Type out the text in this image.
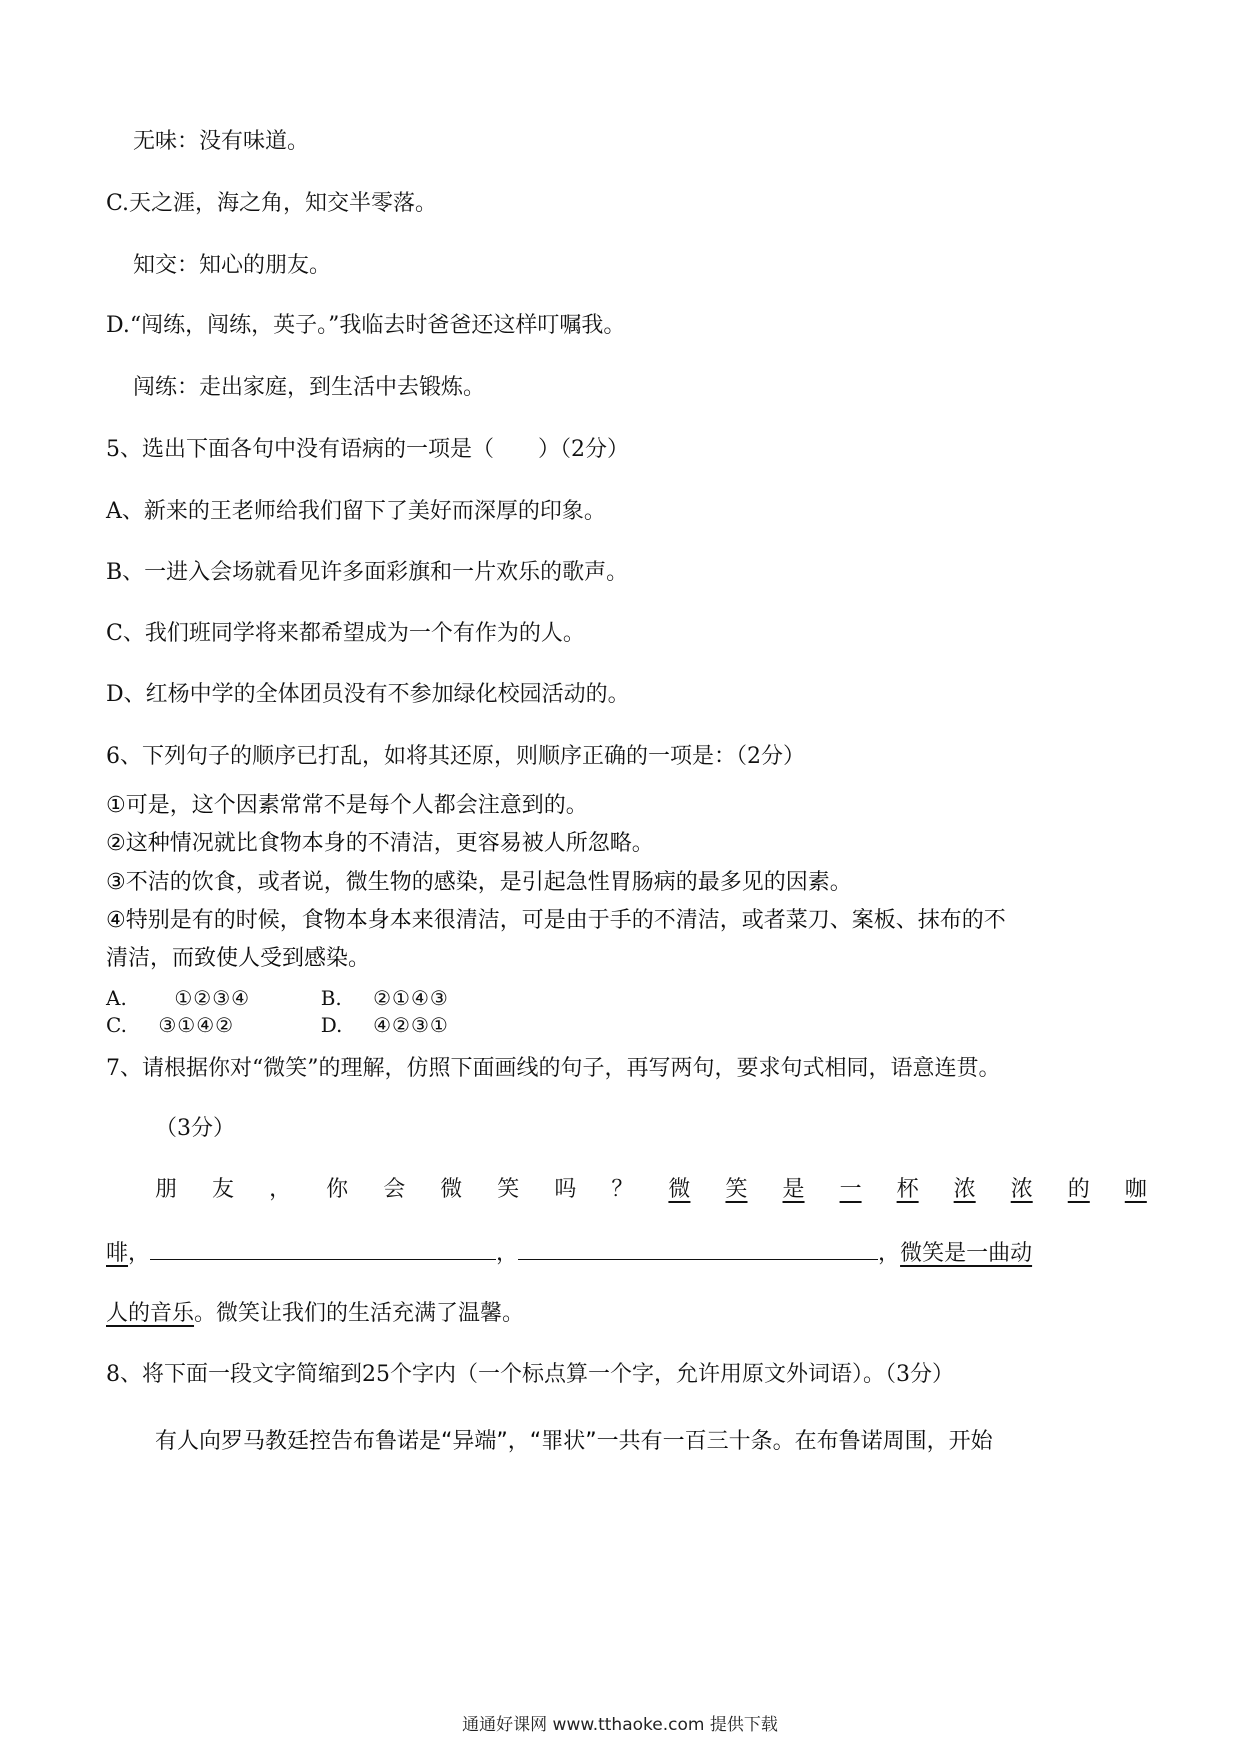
无味：没有味道。
C.天之涯，海之角，知交半零落。
知交：知心的朋友。
D.“闯练，闯练，英子。”我临去时爸爸还这样叮嘱我。
闯练：走出家庭，到生活中去锻炼。
5、选出下面各句中没有语病的一项是（　　）（2分）
A、新来的王老师给我们留下了美好而深厚的印象。
B、一进入会场就看见许多面彩旗和一片欢乐的歌声。
C、我们班同学将来都希望成为一个有作为的人。
D、红杨中学的全体团员没有不参加绿化校园活动的。
6、下列句子的顺序已打乱，如将其还原，则顺序正确的一项是：（2分）
①可是，这个因素常常不是每个人都会注意到的。
②这种情况就比食物本身的不清洁，更容易被人所忽略。
③不洁的饮食，或者说，微生物的感染，是引起急性胃肠病的最多见的因素。
④特别是有的时候，食物本身本来很清洁，可是由于手的不清洁，或者菜刀、案板、抹布的不
清洁，而致使人受到感染。
A. ①②③④	B. ②①④③
C. ③①④②	D. ④②③①
7、请根据你对“微笑”的理解，仿照下面画线的句子，再写两句，要求句式相同，语意连贯。
（3分）
朋 友 ， 你 会 微 笑 吗 ？ 微 笑 是 一 杯 浓 浓 的 咖
啡，	，	，微笑是一曲动
人的音乐。微笑让我们的生活充满了温馨。
8、将下面一段文字简缩到25个字内（一个标点算一个字，允许用原文外词语）。（3分）
有人向罗马教廷控告布鲁诺是“异端”，“罪状”一共有一百三十条。在布鲁诺周围，开始
通通好课网 www.tthaoke.com 提供下载
